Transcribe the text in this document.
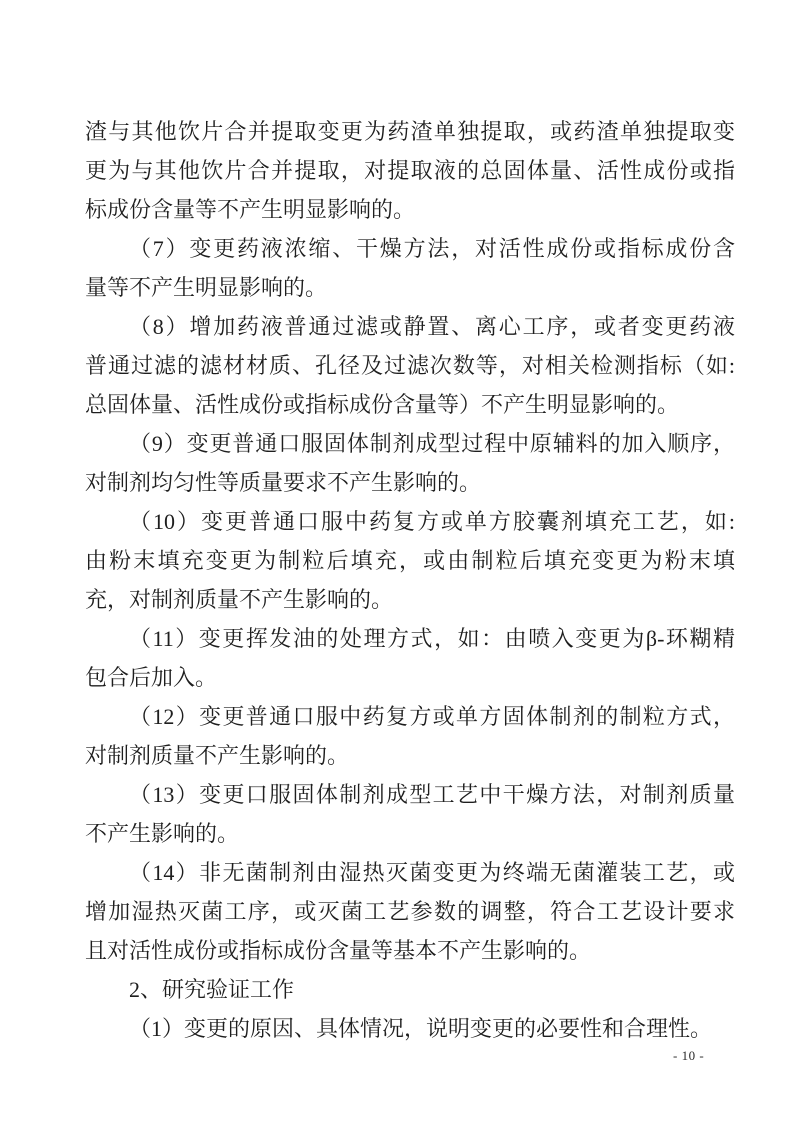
渣与其他饮片合并提取变更为药渣单独提取，或药渣单独提取变
更为与其他饮片合并提取，对提取液的总固体量、活性成份或指
标成份含量等不产生明显影响的。
（7）变更药液浓缩、干燥方法，对活性成份或指标成份含
量等不产生明显影响的。
（8）增加药液普通过滤或静置、离心工序，或者变更药液
普通过滤的滤材材质、孔径及过滤次数等，对相关检测指标（如:
总固体量、活性成份或指标成份含量等）不产生明显影响的。
（9）变更普通口服固体制剂成型过程中原辅料的加入顺序，
对制剂均匀性等质量要求不产生影响的。
（10）变更普通口服中药复方或单方胶囊剂填充工艺，如:
由粉末填充变更为制粒后填充，或由制粒后填充变更为粉末填
充，对制剂质量不产生影响的。
（11）变更挥发油的处理方式，如：由喷入变更为β-环糊精
包合后加入。
（12）变更普通口服中药复方或单方固体制剂的制粒方式，
对制剂质量不产生影响的。
（13）变更口服固体制剂成型工艺中干燥方法，对制剂质量
不产生影响的。
（14）非无菌制剂由湿热灭菌变更为终端无菌灌装工艺，或
增加湿热灭菌工序，或灭菌工艺参数的调整，符合工艺设计要求
且对活性成份或指标成份含量等基本不产生影响的。
2、研究验证工作
（1）变更的原因、具体情况，说明变更的必要性和合理性。
- 10 -
